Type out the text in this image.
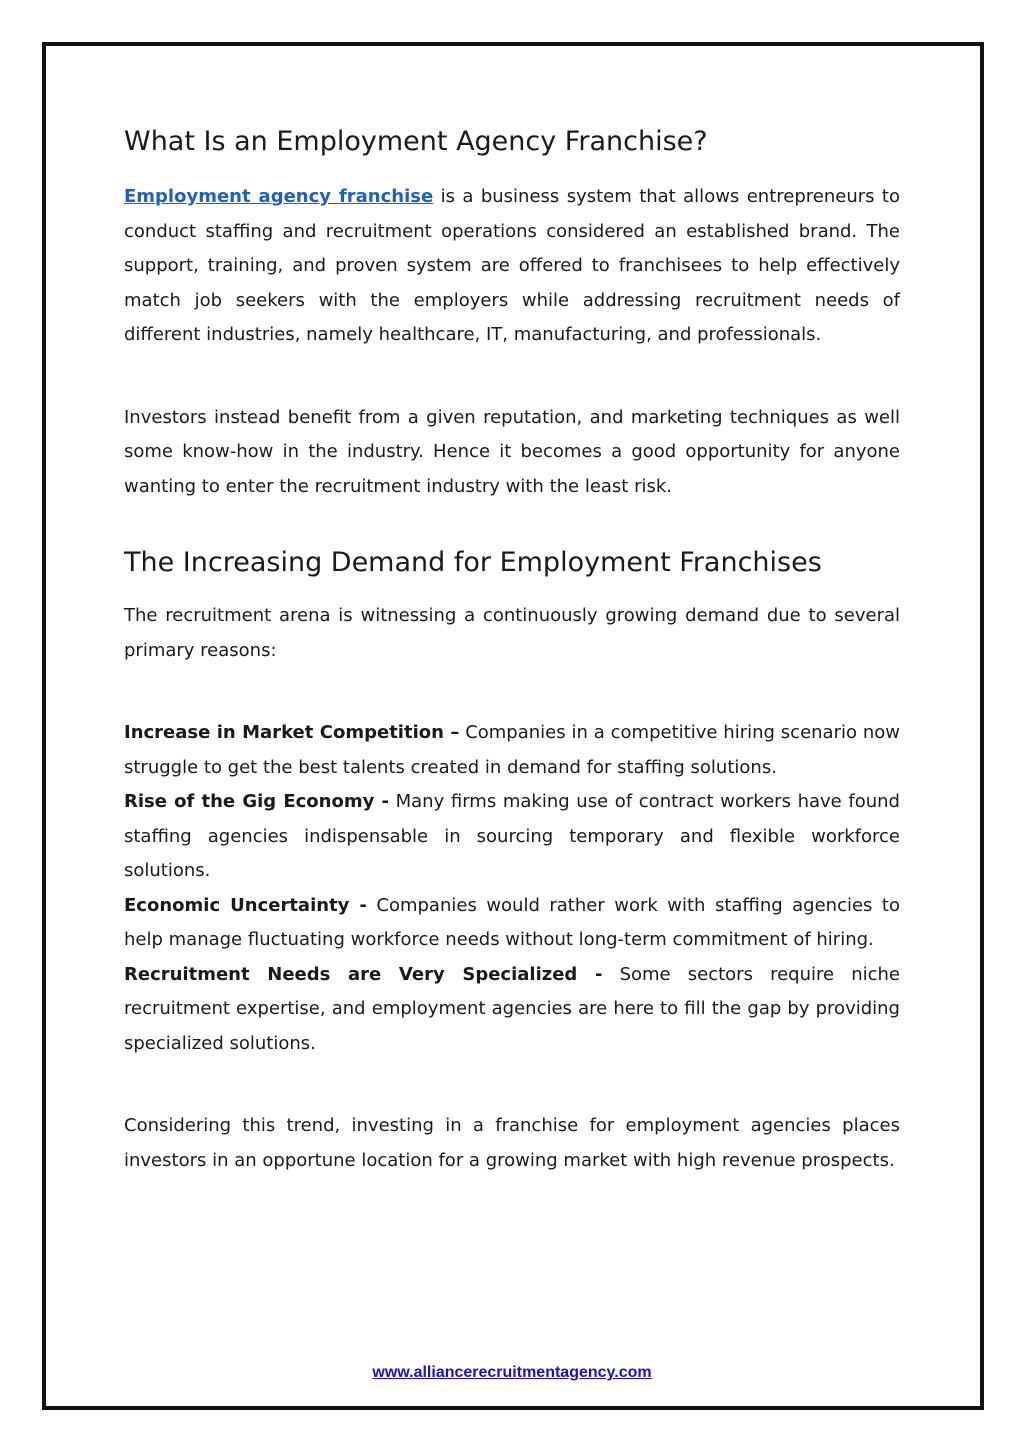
What Is an Employment Agency Franchise?

Employment agency franchise is a business system that allows entrepreneurs to conduct staffing and recruitment operations considered an established brand. The support, training, and proven system are offered to franchisees to help effectively match job seekers with the employers while addressing recruitment needs of different industries, namely healthcare, IT, manufacturing, and professionals.

Investors instead benefit from a given reputation, and marketing techniques as well some know-how in the industry. Hence it becomes a good opportunity for anyone wanting to enter the recruitment industry with the least risk.

The Increasing Demand for Employment Franchises

The recruitment arena is witnessing a continuously growing demand due to several primary reasons:

Increase in Market Competition – Companies in a competitive hiring scenario now struggle to get the best talents created in demand for staffing solutions.

Rise of the Gig Economy - Many firms making use of contract workers have found staffing agencies indispensable in sourcing temporary and flexible workforce solutions.

Economic Uncertainty - Companies would rather work with staffing agencies to help manage fluctuating workforce needs without long-term commitment of hiring.

Recruitment Needs are Very Specialized - Some sectors require niche recruitment expertise, and employment agencies are here to fill the gap by providing specialized solutions.

Considering this trend, investing in a franchise for employment agencies places investors in an opportune location for a growing market with high revenue prospects.

www.alliancerecruitmentagency.com
